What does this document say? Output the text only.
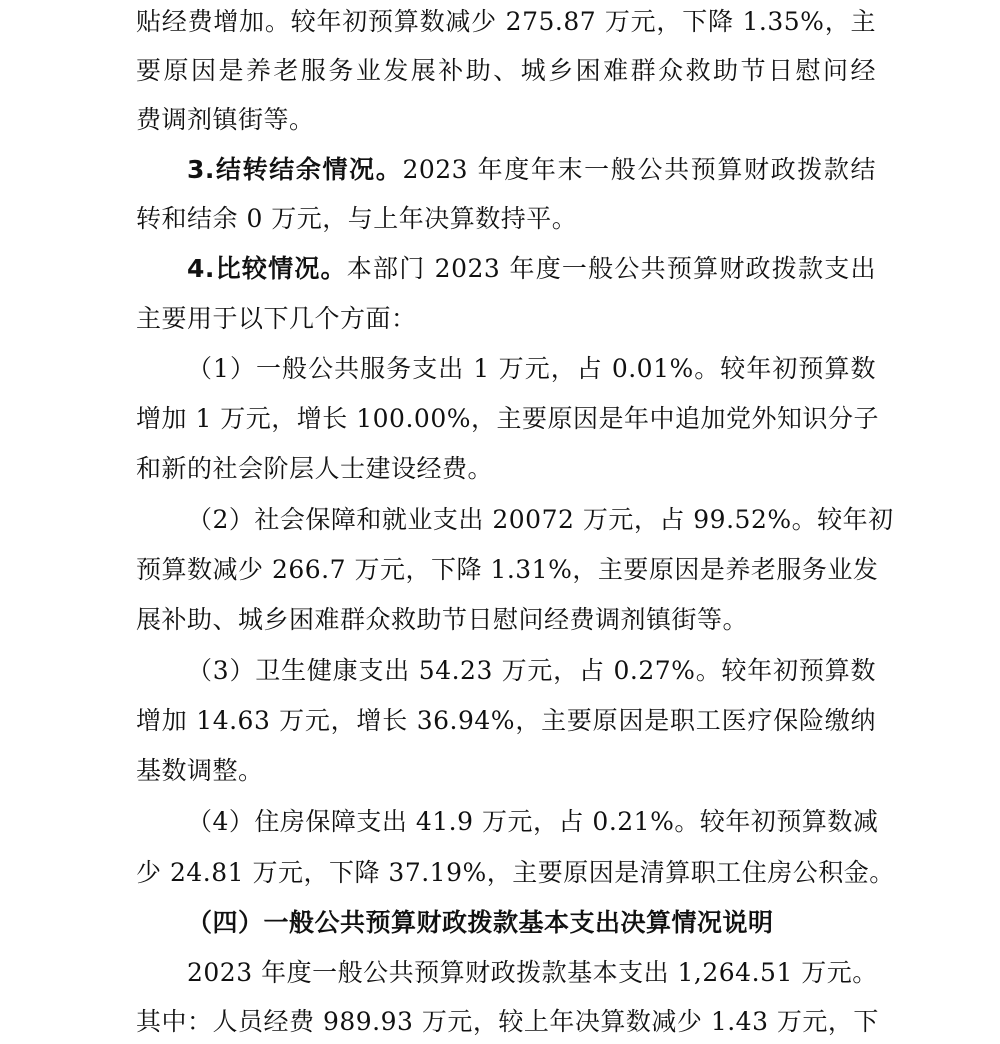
贴经费增加。较年初预算数减少 275.87 万元，下降 1.35%，主
要原因是养老服务业发展补助、城乡困难群众救助节日慰问经
费调剂镇街等。
3.结转结余情况。2023 年度年末一般公共预算财政拨款结
转和结余 0 万元，与上年决算数持平。
4.比较情况。本部门 2023 年度一般公共预算财政拨款支出
主要用于以下几个方面：
（1）一般公共服务支出 1 万元，占 0.01%。较年初预算数
增加 1 万元，增长 100.00%，主要原因是年中追加党外知识分子
和新的社会阶层人士建设经费。
（2）社会保障和就业支出 20072 万元，占 99.52%。较年初
预算数减少 266.7 万元，下降 1.31%，主要原因是养老服务业发
展补助、城乡困难群众救助节日慰问经费调剂镇街等。
（3）卫生健康支出 54.23 万元，占 0.27%。较年初预算数
增加 14.63 万元，增长 36.94%，主要原因是职工医疗保险缴纳
基数调整。
（4）住房保障支出 41.9 万元，占 0.21%。较年初预算数减
少 24.81 万元，下降 37.19%，主要原因是清算职工住房公积金。
（四）一般公共预算财政拨款基本支出决算情况说明
2023 年度一般公共预算财政拨款基本支出 1,264.51 万元。
其中：人员经费 989.93 万元，较上年决算数减少 1.43 万元，下
